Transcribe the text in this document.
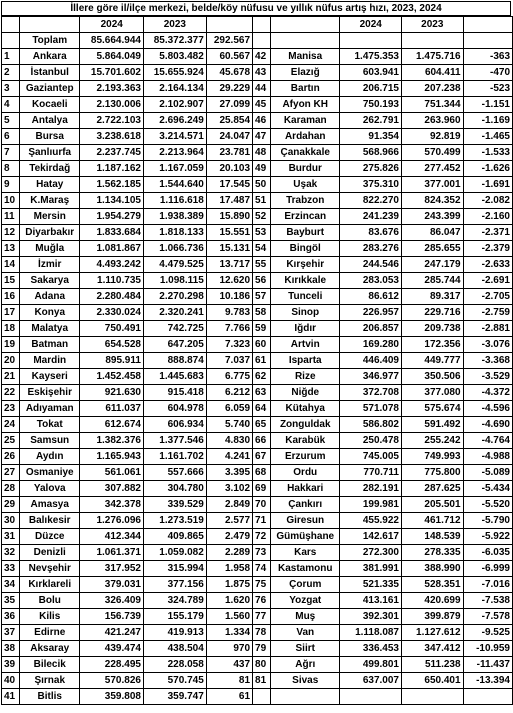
İllere göre il/ilçe merkezi, belde/köy nüfusu ve yıllık nüfus artış hızı, 2023, 2024
		2024	2023				2024	2023	
	Toplam	85.664.944	85.372.377	292.567					
1	Ankara	5.864.049	5.803.482	60.567	42	Manisa	1.475.353	1.475.716	-363
2	İstanbul	15.701.602	15.655.924	45.678	43	Elazığ	603.941	604.411	-470
3	Gaziantep	2.193.363	2.164.134	29.229	44	Bartın	206.715	207.238	-523
4	Kocaeli	2.130.006	2.102.907	27.099	45	Afyon KH	750.193	751.344	-1.151
5	Antalya	2.722.103	2.696.249	25.854	46	Karaman	262.791	263.960	-1.169
6	Bursa	3.238.618	3.214.571	24.047	47	Ardahan	91.354	92.819	-1.465
7	Şanlıurfa	2.237.745	2.213.964	23.781	48	Çanakkale	568.966	570.499	-1.533
8	Tekirdağ	1.187.162	1.167.059	20.103	49	Burdur	275.826	277.452	-1.626
9	Hatay	1.562.185	1.544.640	17.545	50	Uşak	375.310	377.001	-1.691
10	K.Maraş	1.134.105	1.116.618	17.487	51	Trabzon	822.270	824.352	-2.082
11	Mersin	1.954.279	1.938.389	15.890	52	Erzincan	241.239	243.399	-2.160
12	Diyarbakır	1.833.684	1.818.133	15.551	53	Bayburt	83.676	86.047	-2.371
13	Muğla	1.081.867	1.066.736	15.131	54	Bingöl	283.276	285.655	-2.379
14	İzmir	4.493.242	4.479.525	13.717	55	Kırşehir	244.546	247.179	-2.633
15	Sakarya	1.110.735	1.098.115	12.620	56	Kırıkkale	283.053	285.744	-2.691
16	Adana	2.280.484	2.270.298	10.186	57	Tunceli	86.612	89.317	-2.705
17	Konya	2.330.024	2.320.241	9.783	58	Sinop	226.957	229.716	-2.759
18	Malatya	750.491	742.725	7.766	59	Iğdır	206.857	209.738	-2.881
19	Batman	654.528	647.205	7.323	60	Artvin	169.280	172.356	-3.076
20	Mardin	895.911	888.874	7.037	61	Isparta	446.409	449.777	-3.368
21	Kayseri	1.452.458	1.445.683	6.775	62	Rize	346.977	350.506	-3.529
22	Eskişehir	921.630	915.418	6.212	63	Niğde	372.708	377.080	-4.372
23	Adıyaman	611.037	604.978	6.059	64	Kütahya	571.078	575.674	-4.596
24	Tokat	612.674	606.934	5.740	65	Zonguldak	586.802	591.492	-4.690
25	Samsun	1.382.376	1.377.546	4.830	66	Karabük	250.478	255.242	-4.764
26	Aydın	1.165.943	1.161.702	4.241	67	Erzurum	745.005	749.993	-4.988
27	Osmaniye	561.061	557.666	3.395	68	Ordu	770.711	775.800	-5.089
28	Yalova	307.882	304.780	3.102	69	Hakkari	282.191	287.625	-5.434
29	Amasya	342.378	339.529	2.849	70	Çankırı	199.981	205.501	-5.520
30	Balıkesir	1.276.096	1.273.519	2.577	71	Giresun	455.922	461.712	-5.790
31	Düzce	412.344	409.865	2.479	72	Gümüşhane	142.617	148.539	-5.922
32	Denizli	1.061.371	1.059.082	2.289	73	Kars	272.300	278.335	-6.035
33	Nevşehir	317.952	315.994	1.958	74	Kastamonu	381.991	388.990	-6.999
34	Kırklareli	379.031	377.156	1.875	75	Çorum	521.335	528.351	-7.016
35	Bolu	326.409	324.789	1.620	76	Yozgat	413.161	420.699	-7.538
36	Kilis	156.739	155.179	1.560	77	Muş	392.301	399.879	-7.578
37	Edirne	421.247	419.913	1.334	78	Van	1.118.087	1.127.612	-9.525
38	Aksaray	439.474	438.504	970	79	Siirt	336.453	347.412	-10.959
39	Bilecik	228.495	228.058	437	80	Ağrı	499.801	511.238	-11.437
40	Şırnak	570.826	570.745	81	81	Sivas	637.007	650.401	-13.394
41	Bitlis	359.808	359.747	61					
